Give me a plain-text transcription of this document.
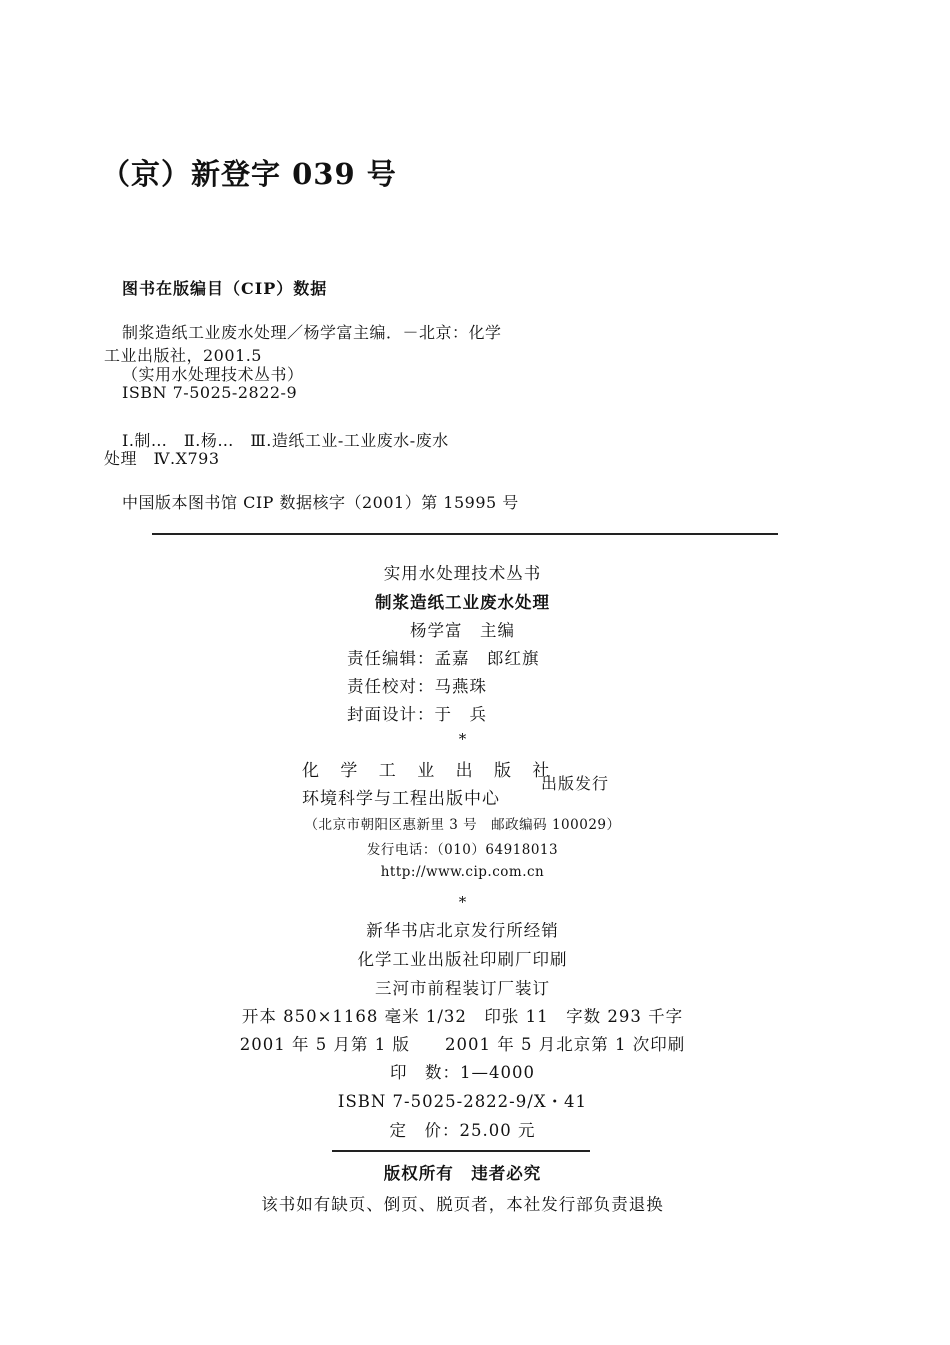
（京）新登字 039 号
图书在版编目（CIP）数据
制浆造纸工业废水处理／杨学富主编．－北京：化学
工业出版社，2001.5
（实用水处理技术丛书）
ISBN 7-5025-2822-9
Ⅰ.制…　Ⅱ.杨…　Ⅲ.造纸工业-工业废水-废水
处理　Ⅳ.X793
中国版本图书馆 CIP 数据核字（2001）第 15995 号
实用水处理技术丛书
制浆造纸工业废水处理
杨学富　主编
责任编辑：孟嘉　郎红旗
责任校对：马燕珠
封面设计：于　兵
*
化 学 工 业 出 版 社
环境科学与工程出版中心
出版发行
（北京市朝阳区惠新里 3 号　邮政编码 100029）
发行电话：（010）64918013
http://www.cip.com.cn
*
新华书店北京发行所经销
化学工业出版社印刷厂印刷
三河市前程装订厂装订
开本 850×1168 毫米 1/32　印张 11　字数 293 千字
2001 年 5 月第 1 版　　2001 年 5 月北京第 1 次印刷
印　数：1—4000
ISBN 7-5025-2822-9/X・41
定　价：25.00 元
版权所有　违者必究
该书如有缺页、倒页、脱页者，本社发行部负责退换
